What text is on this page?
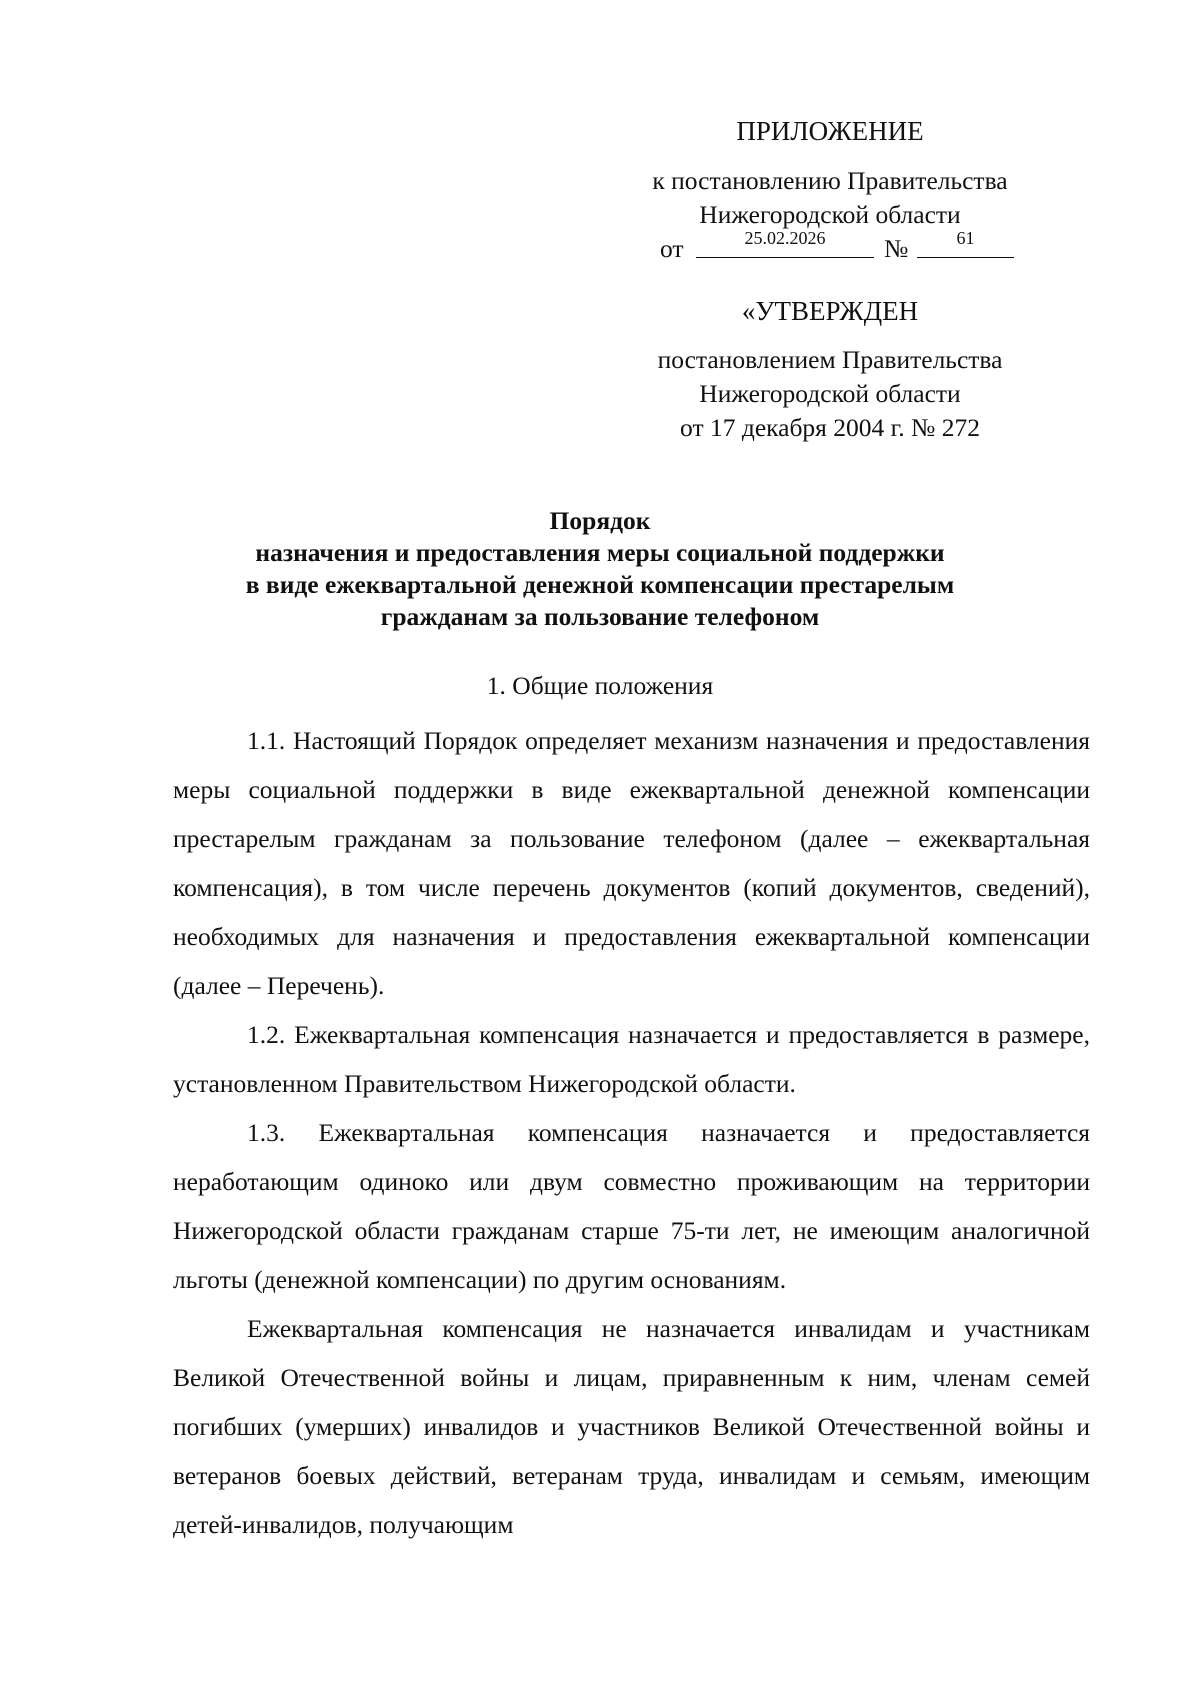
ПРИЛОЖЕНИЕ
к постановлению Правительства
Нижегородской области
от	25.02.2026	№	61
«УТВЕРЖДЕН
постановлением Правительства
Нижегородской области
от 17 декабря 2004 г. № 272
Порядок
назначения и предоставления меры социальной поддержки
в виде ежеквартальной денежной компенсации престарелым
гражданам за пользование телефоном
1. Общие положения

1.1. Настоящий Порядок определяет механизм назначения и предоставления меры социальной поддержки в виде ежеквартальной денежной компенсации престарелым гражданам за пользование телефоном (далее – ежеквартальная компенсация), в том числе перечень документов (копий документов, сведений), необходимых для назначения и предоставления ежеквартальной компенсации (далее – Перечень).

1.2. Ежеквартальная компенсация назначается и предоставляется в размере, установленном Правительством Нижегородской области.

1.3. Ежеквартальная компенсация назначается и предоставляется неработающим одиноко или двум совместно проживающим на территории Нижегородской области гражданам старше 75-ти лет, не имеющим аналогичной льготы (денежной компенсации) по другим основаниям.

Ежеквартальная компенсация не назначается инвалидам и участникам Великой Отечественной войны и лицам, приравненным к ним, членам семей погибших (умерших) инвалидов и участников Великой Отечественной войны и ветеранов боевых действий, ветеранам труда, инвалидам и семьям, имеющим детей-инвалидов, получающим
